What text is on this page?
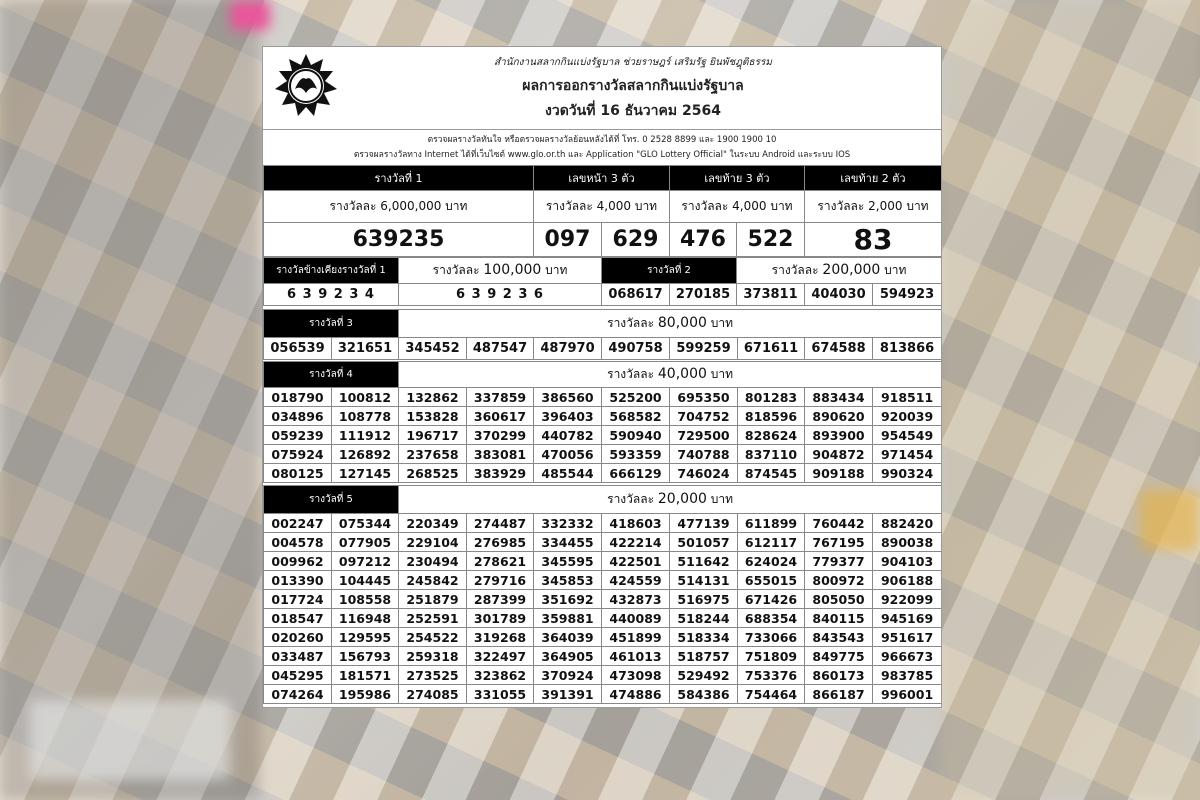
สำนักงานสลากกินแบ่งรัฐบาล ช่วยราษฎร์ เสริมรัฐ ยินพัชฎุติธรรม
ผลการออกรางวัลสลากกินแบ่งรัฐบาล
งวดวันที่ 16 ธันวาคม 2564
ตรวจผลรางวัลทันใจ หรือตรวจผลรางวัลย้อนหลังได้ที่ โทร. 0 2528 8899 และ 1900 1900 10
ตรวจผลรางวัลทาง Internet ได้ที่เว็บไซต์ www.glo.or.th และ Application "GLO Lottery Official" ในระบบ Android และระบบ IOS
รางวัลที่ 1	เลขหน้า 3 ตัว		เลขท้าย 3 ตัว		เลขท้าย 2 ตัว
รางวัลละ 6,000,000 บาท	รางวัลละ 4,000 บาท		รางวัลละ 4,000 บาท		รางวัลละ 2,000 บาท
639235	097	629	476	522	83
รางวัลข้างเคียงรางวัลที่ 1	รางวัลละ 100,000 บาท	รางวัลที่ 2		รางวัลละ 200,000 บาท		
6 3 9 2 3 4	6 3 9 2 3 6	068617	270185	373811	404030	594923
รางวัลที่ 3		รางวัลละ 80,000 บาท							
056539	321651	345452	487547	487970	490758	599259	671611	674588	813866
รางวัลที่ 4		รางวัลละ 40,000 บาท							
018790	100812	132862	337859	386560	525200	695350	801283	883434	918511
034896	108778	153828	360617	396403	568582	704752	818596	890620	920039
059239	111912	196717	370299	440782	590940	729500	828624	893900	954549
075924	126892	237658	383081	470056	593359	740788	837110	904872	971454
080125	127145	268525	383929	485544	666129	746024	874545	909188	990324
รางวัลที่ 5		รางวัลละ 20,000 บาท							
002247	075344	220349	274487	332332	418603	477139	611899	760442	882420
004578	077905	229104	276985	334455	422214	501057	612117	767195	890038
009962	097212	230494	278621	345595	422501	511642	624024	779377	904103
013390	104445	245842	279716	345853	424559	514131	655015	800972	906188
017724	108558	251879	287399	351692	432873	516975	671426	805050	922099
018547	116948	252591	301789	359881	440089	518244	688354	840115	945169
020260	129595	254522	319268	364039	451899	518334	733066	843543	951617
033487	156793	259318	322497	364905	461013	518757	751809	849775	966673
045295	181571	273525	323862	370924	473098	529492	753376	860173	983785
074264	195986	274085	331055	391391	474886	584386	754464	866187	996001
